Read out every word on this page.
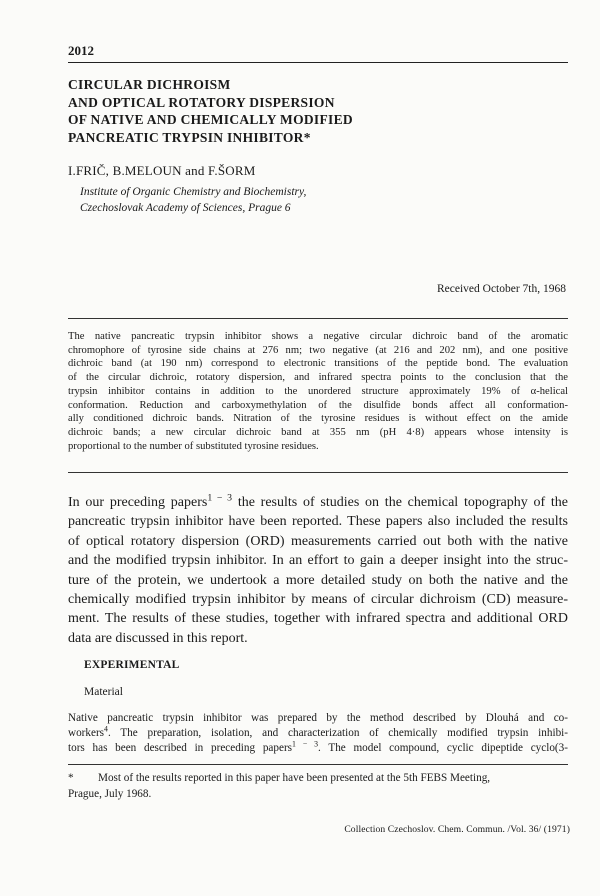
2012
CIRCULAR DICHROISM
AND OPTICAL ROTATORY DISPERSION
OF NATIVE AND CHEMICALLY MODIFIED
PANCREATIC TRYPSIN INHIBITOR*
I.FRIČ, B.MELOUN and F.ŠORM
Institute of Organic Chemistry and Biochemistry,
Czechoslovak Academy of Sciences, Prague 6
Received October 7th, 1968
The native pancreatic trypsin inhibitor shows a negative circular dichroic band of the aromatic
chromophore of tyrosine side chains at 276 nm; two negative (at 216 and 202 nm), and one positive
dichroic band (at 190 nm) correspond to electronic transitions of the peptide bond. The evaluation
of the circular dichroic, rotatory dispersion, and infrared spectra points to the conclusion that the
trypsin inhibitor contains in addition to the unordered structure approximately 19% of α-helical
conformation. Reduction and carboxymethylation of the disulfide bonds affect all conformation-
ally conditioned dichroic bands. Nitration of the tyrosine residues is without effect on the amide
dichroic bands; a new circular dichroic band at 355 nm (pH 4·8) appears whose intensity is
proportional to the number of substituted tyrosine residues.
In our preceding papers$^{1 - 3}$ the results of studies on the chemical topography of the
pancreatic trypsin inhibitor have been reported. These papers also included the results
of optical rotatory dispersion (ORD) measurements carried out both with the native
and the modified trypsin inhibitor. In an effort to gain a deeper insight into the struc-
ture of the protein, we undertook a more detailed study on both the native and the
chemically modified trypsin inhibitor by means of circular dichroism (CD) measure-
ment. The results of these studies, together with infrared spectra and additional ORD
data are discussed in this report.
EXPERIMENTAL
Material
Native pancreatic trypsin inhibitor was prepared by the method described by Dlouhá and co-
workers$^4$. The preparation, isolation, and characterization of chemically modified trypsin inhibi-
tors has been described in preceding papers$^{1 - 3}$. The model compound, cyclic dipeptide cyclo(3-
*	Most of the results reported in this paper have been presented at the 5th FEBS Meeting,
Prague, July 1968.
Collection Czechoslov. Chem. Commun. /Vol. 36/ (1971)
